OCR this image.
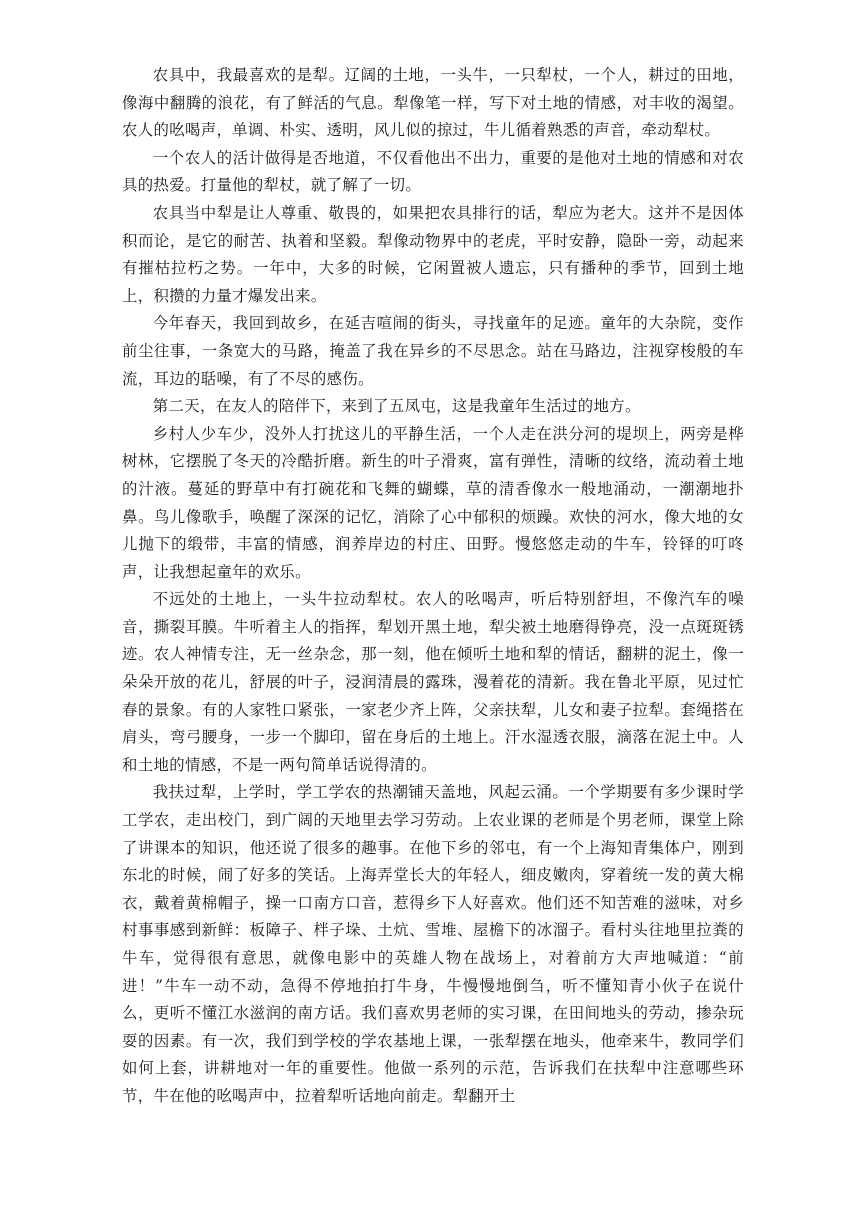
农具中，我最喜欢的是犁。辽阔的土地，一头牛，一只犁杖，一个人，耕过的田地，像海中翻腾的浪花，有了鲜活的气息。犁像笔一样，写下对土地的情感，对丰收的渴望。农人的吆喝声，单调、朴实、透明，风儿似的掠过，牛儿循着熟悉的声音，牵动犁杖。

一个农人的活计做得是否地道，不仅看他出不出力，重要的是他对土地的情感和对农具的热爱。打量他的犁杖，就了解了一切。

农具当中犁是让人尊重、敬畏的，如果把农具排行的话，犁应为老大。这并不是因体积而论，是它的耐苦、执着和坚毅。犁像动物界中的老虎，平时安静，隐卧一旁，动起来有摧枯拉朽之势。一年中，大多的时候，它闲置被人遗忘，只有播种的季节，回到土地上，积攒的力量才爆发出来。

今年春天，我回到故乡，在延吉喧闹的街头，寻找童年的足迹。童年的大杂院，变作前尘往事，一条宽大的马路，掩盖了我在异乡的不尽思念。站在马路边，注视穿梭般的车流，耳边的聒噪，有了不尽的感伤。

第二天，在友人的陪伴下，来到了五凤屯，这是我童年生活过的地方。

乡村人少车少，没外人打扰这儿的平静生活，一个人走在洪分河的堤坝上，两旁是桦树林，它摆脱了冬天的冷酷折磨。新生的叶子滑爽，富有弹性，清晰的纹络，流动着土地的汁液。蔓延的野草中有打碗花和飞舞的蝴蝶，草的清香像水一般地涌动，一潮潮地扑鼻。鸟儿像歌手，唤醒了深深的记忆，消除了心中郁积的烦躁。欢快的河水，像大地的女儿抛下的缎带，丰富的情感，润养岸边的村庄、田野。慢悠悠走动的牛车，铃铎的叮咚声，让我想起童年的欢乐。

不远处的土地上，一头牛拉动犁杖。农人的吆喝声，听后特别舒坦，不像汽车的噪音，撕裂耳膜。牛听着主人的指挥，犁划开黑土地，犁尖被土地磨得铮亮，没一点斑斑锈迹。农人神情专注，无一丝杂念，那一刻，他在倾听土地和犁的情话，翻耕的泥土，像一朵朵开放的花儿，舒展的叶子，浸润清晨的露珠，漫着花的清新。我在鲁北平原，见过忙春的景象。有的人家牲口紧张，一家老少齐上阵，父亲扶犁，儿女和妻子拉犁。套绳搭在肩头，弯弓腰身，一步一个脚印，留在身后的土地上。汗水湿透衣服，滴落在泥土中。人和土地的情感，不是一两句简单话说得清的。

我扶过犁，上学时，学工学农的热潮铺天盖地，风起云涌。一个学期要有多少课时学工学农，走出校门，到广阔的天地里去学习劳动。上农业课的老师是个男老师，课堂上除了讲课本的知识，他还说了很多的趣事。在他下乡的邻屯，有一个上海知青集体户，刚到东北的时候，闹了好多的笑话。上海弄堂长大的年轻人，细皮嫩肉，穿着统一发的黄大棉衣，戴着黄棉帽子，操一口南方口音，惹得乡下人好喜欢。他们还不知苦难的滋味，对乡村事事感到新鲜：板障子、柈子垛、土炕、雪堆、屋檐下的冰溜子。看村头往地里拉粪的牛车，觉得很有意思，就像电影中的英雄人物在战场上，对着前方大声地喊道：“前进！”牛车一动不动，急得不停地拍打牛身，牛慢慢地倒刍，听不懂知青小伙子在说什么，更听不懂江水滋润的南方话。我们喜欢男老师的实习课，在田间地头的劳动，掺杂玩耍的因素。有一次，我们到学校的学农基地上课，一张犁摆在地头，他牵来牛，教同学们如何上套，讲耕地对一年的重要性。他做一系列的示范，告诉我们在扶犁中注意哪些环节，牛在他的吆喝声中，拉着犁听话地向前走。犁翻开土
